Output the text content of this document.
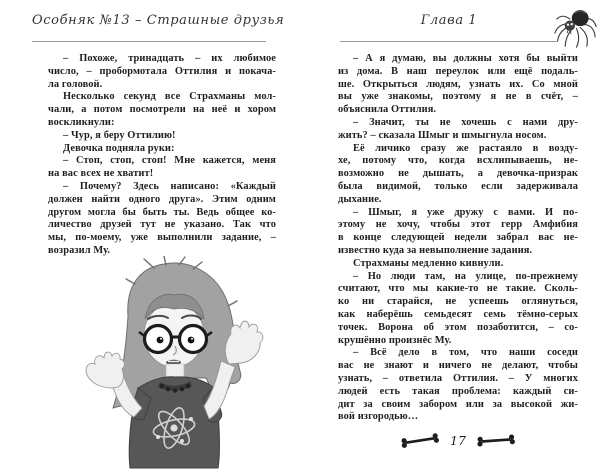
Особняк №13 – Страшные друзья
– Похоже, тринадцать – их любимое
число, – пробормотала Оттилия и покача-
ла головой.
Несколько секунд все Страхманы мол-
чали, а потом посмотрели на неё и хором
воскликнули:
– Чур, я беру Оттилию!
Девочка подняла руки:
– Стоп, стоп, стоп! Мне кажется, меня
на вас всех не хватит!
– Почему? Здесь написано: «Каждый
должен найти одного друга». Этим одним
другом могла бы быть ты. Ведь общее ко-
личество друзей тут не указано. Так что
мы, по-моему, уже выполнили задание, –
возразил Му.
Глава 1
– А я думаю, вы должны хотя бы выйти
из дома. В наш переулок или ещё подаль-
ше. Открыться людям, узнать их. Со мной
вы уже знакомы, поэтому я не в счёт, –
объяснила Оттилия.
– Значит, ты не хочешь с нами дру-
жить? – сказала Шмыг и шмыгнула носом.
Её личико сразу же растаяло в возду-
хе, потому что, когда всхлипываешь, не-
возможно не дышать, а девочка-призрак
была видимой, только если задерживала
дыхание.
– Шмыг, я уже дружу с вами. И по-
этому не хочу, чтобы этот герр Амфибия
в конце следующей недели забрал вас не-
известно куда за невыполнение задания.
Страхманы медленно кивнули.
– Но люди там, на улице, по-прежнему
считают, что мы какие-то не такие. Сколь-
ко ни старайся, не успеешь оглянуться,
как наберёшь семьдесят семь тёмно-серых
точек. Ворона об этом позаботится, – со-
крушённо произнёс Му.
– Всё дело в том, что наши соседи
вас не знают и ничего не делают, чтобы
узнать, – ответила Оттилия. – У многих
людей есть такая проблема: каждый си-
дит за своим забором или за высокой жи-
вой изгородью…
17
